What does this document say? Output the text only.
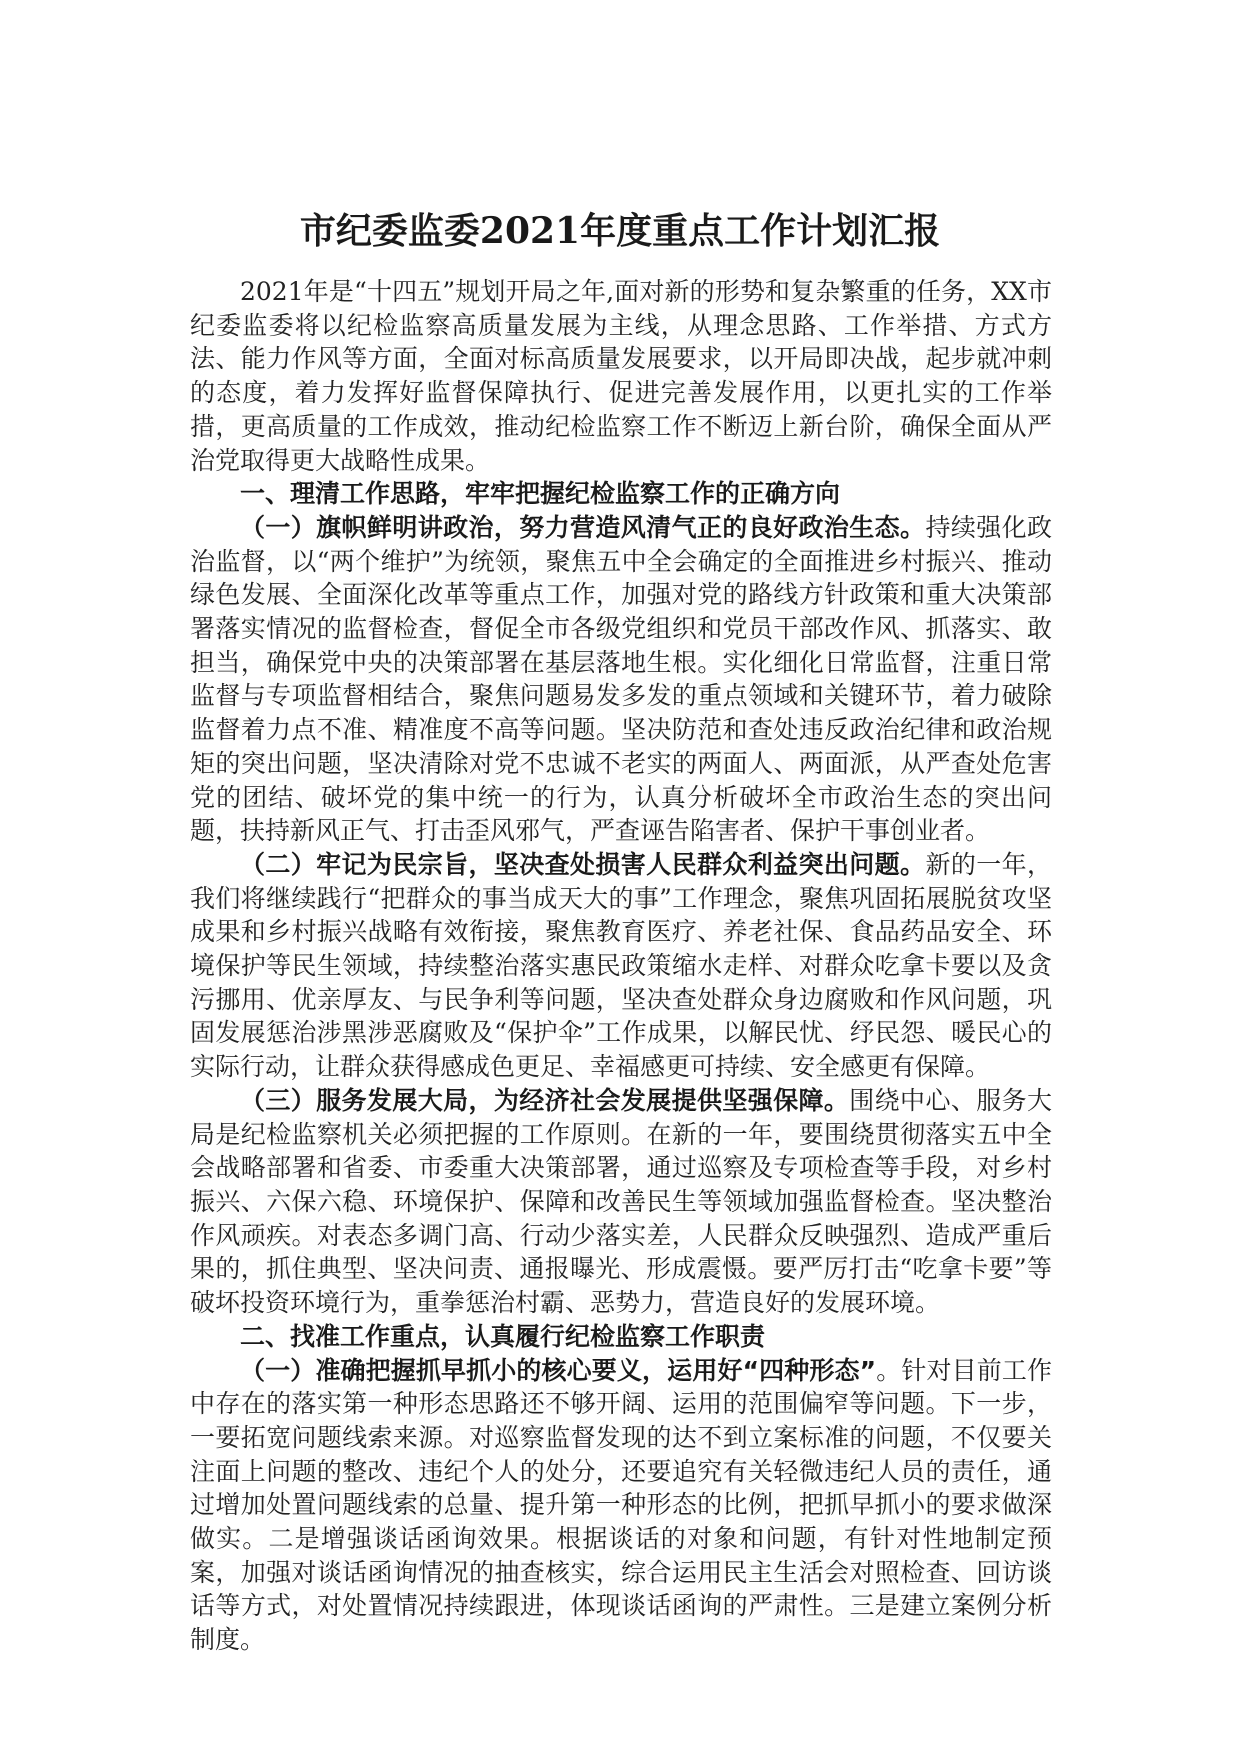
市纪委监委2021年度重点工作计划汇报

2021年是“十四五”规划开局之年,面对新的形势和复杂繁重的任务，XX市纪委监委将以纪检监察高质量发展为主线，从理念思路、工作举措、方式方法、能力作风等方面，全面对标高质量发展要求，以开局即决战，起步就冲刺的态度，着力发挥好监督保障执行、促进完善发展作用，以更扎实的工作举措，更高质量的工作成效，推动纪检监察工作不断迈上新台阶，确保全面从严治党取得更大战略性成果。

一、理清工作思路，牢牢把握纪检监察工作的正确方向

（一）旗帜鲜明讲政治，努力营造风清气正的良好政治生态。持续强化政治监督，以“两个维护”为统领，聚焦五中全会确定的全面推进乡村振兴、推动绿色发展、全面深化改革等重点工作，加强对党的路线方针政策和重大决策部署落实情况的监督检查，督促全市各级党组织和党员干部改作风、抓落实、敢担当，确保党中央的决策部署在基层落地生根。实化细化日常监督，注重日常监督与专项监督相结合，聚焦问题易发多发的重点领域和关键环节，着力破除监督着力点不准、精准度不高等问题。坚决防范和查处违反政治纪律和政治规矩的突出问题，坚决清除对党不忠诚不老实的两面人、两面派，从严查处危害党的团结、破坏党的集中统一的行为，认真分析破坏全市政治生态的突出问题，扶持新风正气、打击歪风邪气，严查诬告陷害者、保护干事创业者。

（二）牢记为民宗旨，坚决查处损害人民群众利益突出问题。新的一年，我们将继续践行“把群众的事当成天大的事”工作理念，聚焦巩固拓展脱贫攻坚成果和乡村振兴战略有效衔接，聚焦教育医疗、养老社保、食品药品安全、环境保护等民生领域，持续整治落实惠民政策缩水走样、对群众吃拿卡要以及贪污挪用、优亲厚友、与民争利等问题，坚决查处群众身边腐败和作风问题，巩固发展惩治涉黑涉恶腐败及“保护伞”工作成果，以解民忧、纾民怨、暖民心的实际行动，让群众获得感成色更足、幸福感更可持续、安全感更有保障。

（三）服务发展大局，为经济社会发展提供坚强保障。围绕中心、服务大局是纪检监察机关必须把握的工作原则。在新的一年，要围绕贯彻落实五中全会战略部署和省委、市委重大决策部署，通过巡察及专项检查等手段，对乡村振兴、六保六稳、环境保护、保障和改善民生等领域加强监督检查。坚决整治作风顽疾。对表态多调门高、行动少落实差，人民群众反映强烈、造成严重后果的，抓住典型、坚决问责、通报曝光、形成震慑。要严厉打击“吃拿卡要”等破坏投资环境行为，重拳惩治村霸、恶势力，营造良好的发展环境。

二、找准工作重点，认真履行纪检监察工作职责

（一）准确把握抓早抓小的核心要义，运用好“四种形态”。针对目前工作中存在的落实第一种形态思路还不够开阔、运用的范围偏窄等问题。下一步，一要拓宽问题线索来源。对巡察监督发现的达不到立案标准的问题，不仅要关注面上问题的整改、违纪个人的处分，还要追究有关轻微违纪人员的责任，通过增加处置问题线索的总量、提升第一种形态的比例，把抓早抓小的要求做深做实。二是增强谈话函询效果。根据谈话的对象和问题，有针对性地制定预案，加强对谈话函询情况的抽查核实，综合运用民主生活会对照检查、回访谈话等方式，对处置情况持续跟进，体现谈话函询的严肃性。三是建立案例分析制度。
